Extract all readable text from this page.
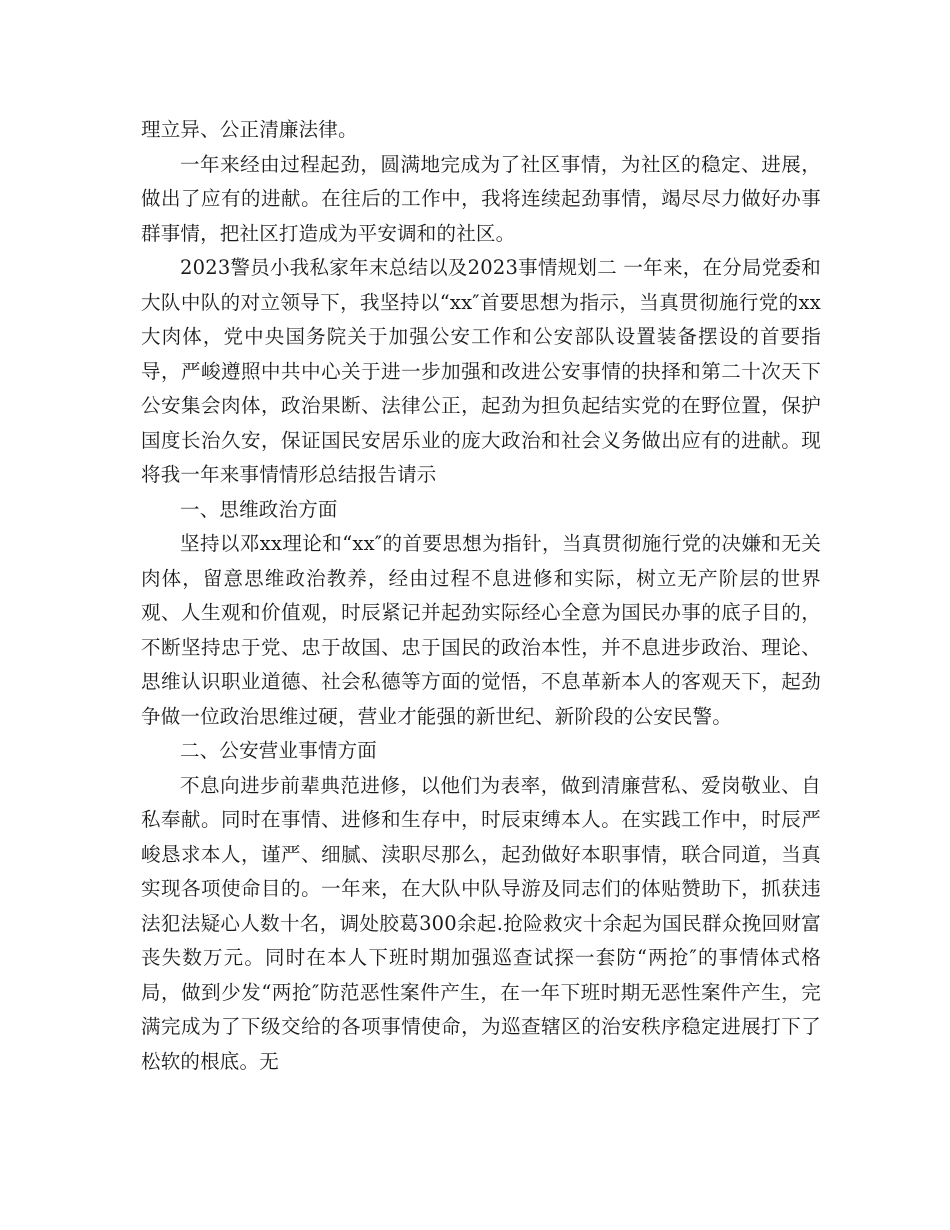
理立异、公正清廉法律。

一年来经由过程起劲，圆满地完成为了社区事情，为社区的稳定、进展，做出了应有的进献。在往后的工作中，我将连续起劲事情，竭尽尽力做好办事群事情，把社区打造成为平安调和的社区。

2023警员小我私家年末总结以及2023事情规划二 一年来，在分局党委和大队中队的对立领导下，我坚持以“xx″首要思想为指示，当真贯彻施行党的xx大肉体，党中央国务院关于加强公安工作和公安部队设置装备摆设的首要指导，严峻遵照中共中心关于进一步加强和改进公安事情的抉择和第二十次天下公安集会肉体，政治果断、法律公正，起劲为担负起结实党的在野位置，保护国度长治久安，保证国民安居乐业的庞大政治和社会义务做出应有的进献。现将我一年来事情情形总结报告请示

一、思维政治方面

坚持以邓xx理论和“xx″的首要思想为指针，当真贯彻施行党的决嫌和无关肉体，留意思维政治教养，经由过程不息进修和实际，树立无产阶层的世界观、人生观和价值观，时辰紧记并起劲实际经心全意为国民办事的底子目的，不断坚持忠于党、忠于故国、忠于国民的政治本性，并不息进步政治、理论、思维认识职业道德、社会私德等方面的觉悟，不息革新本人的客观天下，起劲争做一位政治思维过硬，营业才能强的新世纪、新阶段的公安民警。

二、公安营业事情方面

不息向进步前辈典范进修，以他们为表率，做到清廉营私、爱岗敬业、自私奉献。同时在事情、进修和生存中，时辰束缚本人。在实践工作中，时辰严峻恳求本人，谨严、细腻、渎职尽那么，起劲做好本职事情，联合同道，当真实现各项使命目的。一年来，在大队中队导游及同志们的体贴赞助下，抓获违法犯法疑心人数十名，调处胶葛300余起.抢险救灾十余起为国民群众挽回财富丧失数万元。同时在本人下班时期加强巡查试探一套防“两抢″的事情体式格局，做到少发“两抢″防范恶性案件产生，在一年下班时期无恶性案件产生，完满完成为了下级交给的各项事情使命，为巡查辖区的治安秩序稳定进展打下了松软的根底。无
